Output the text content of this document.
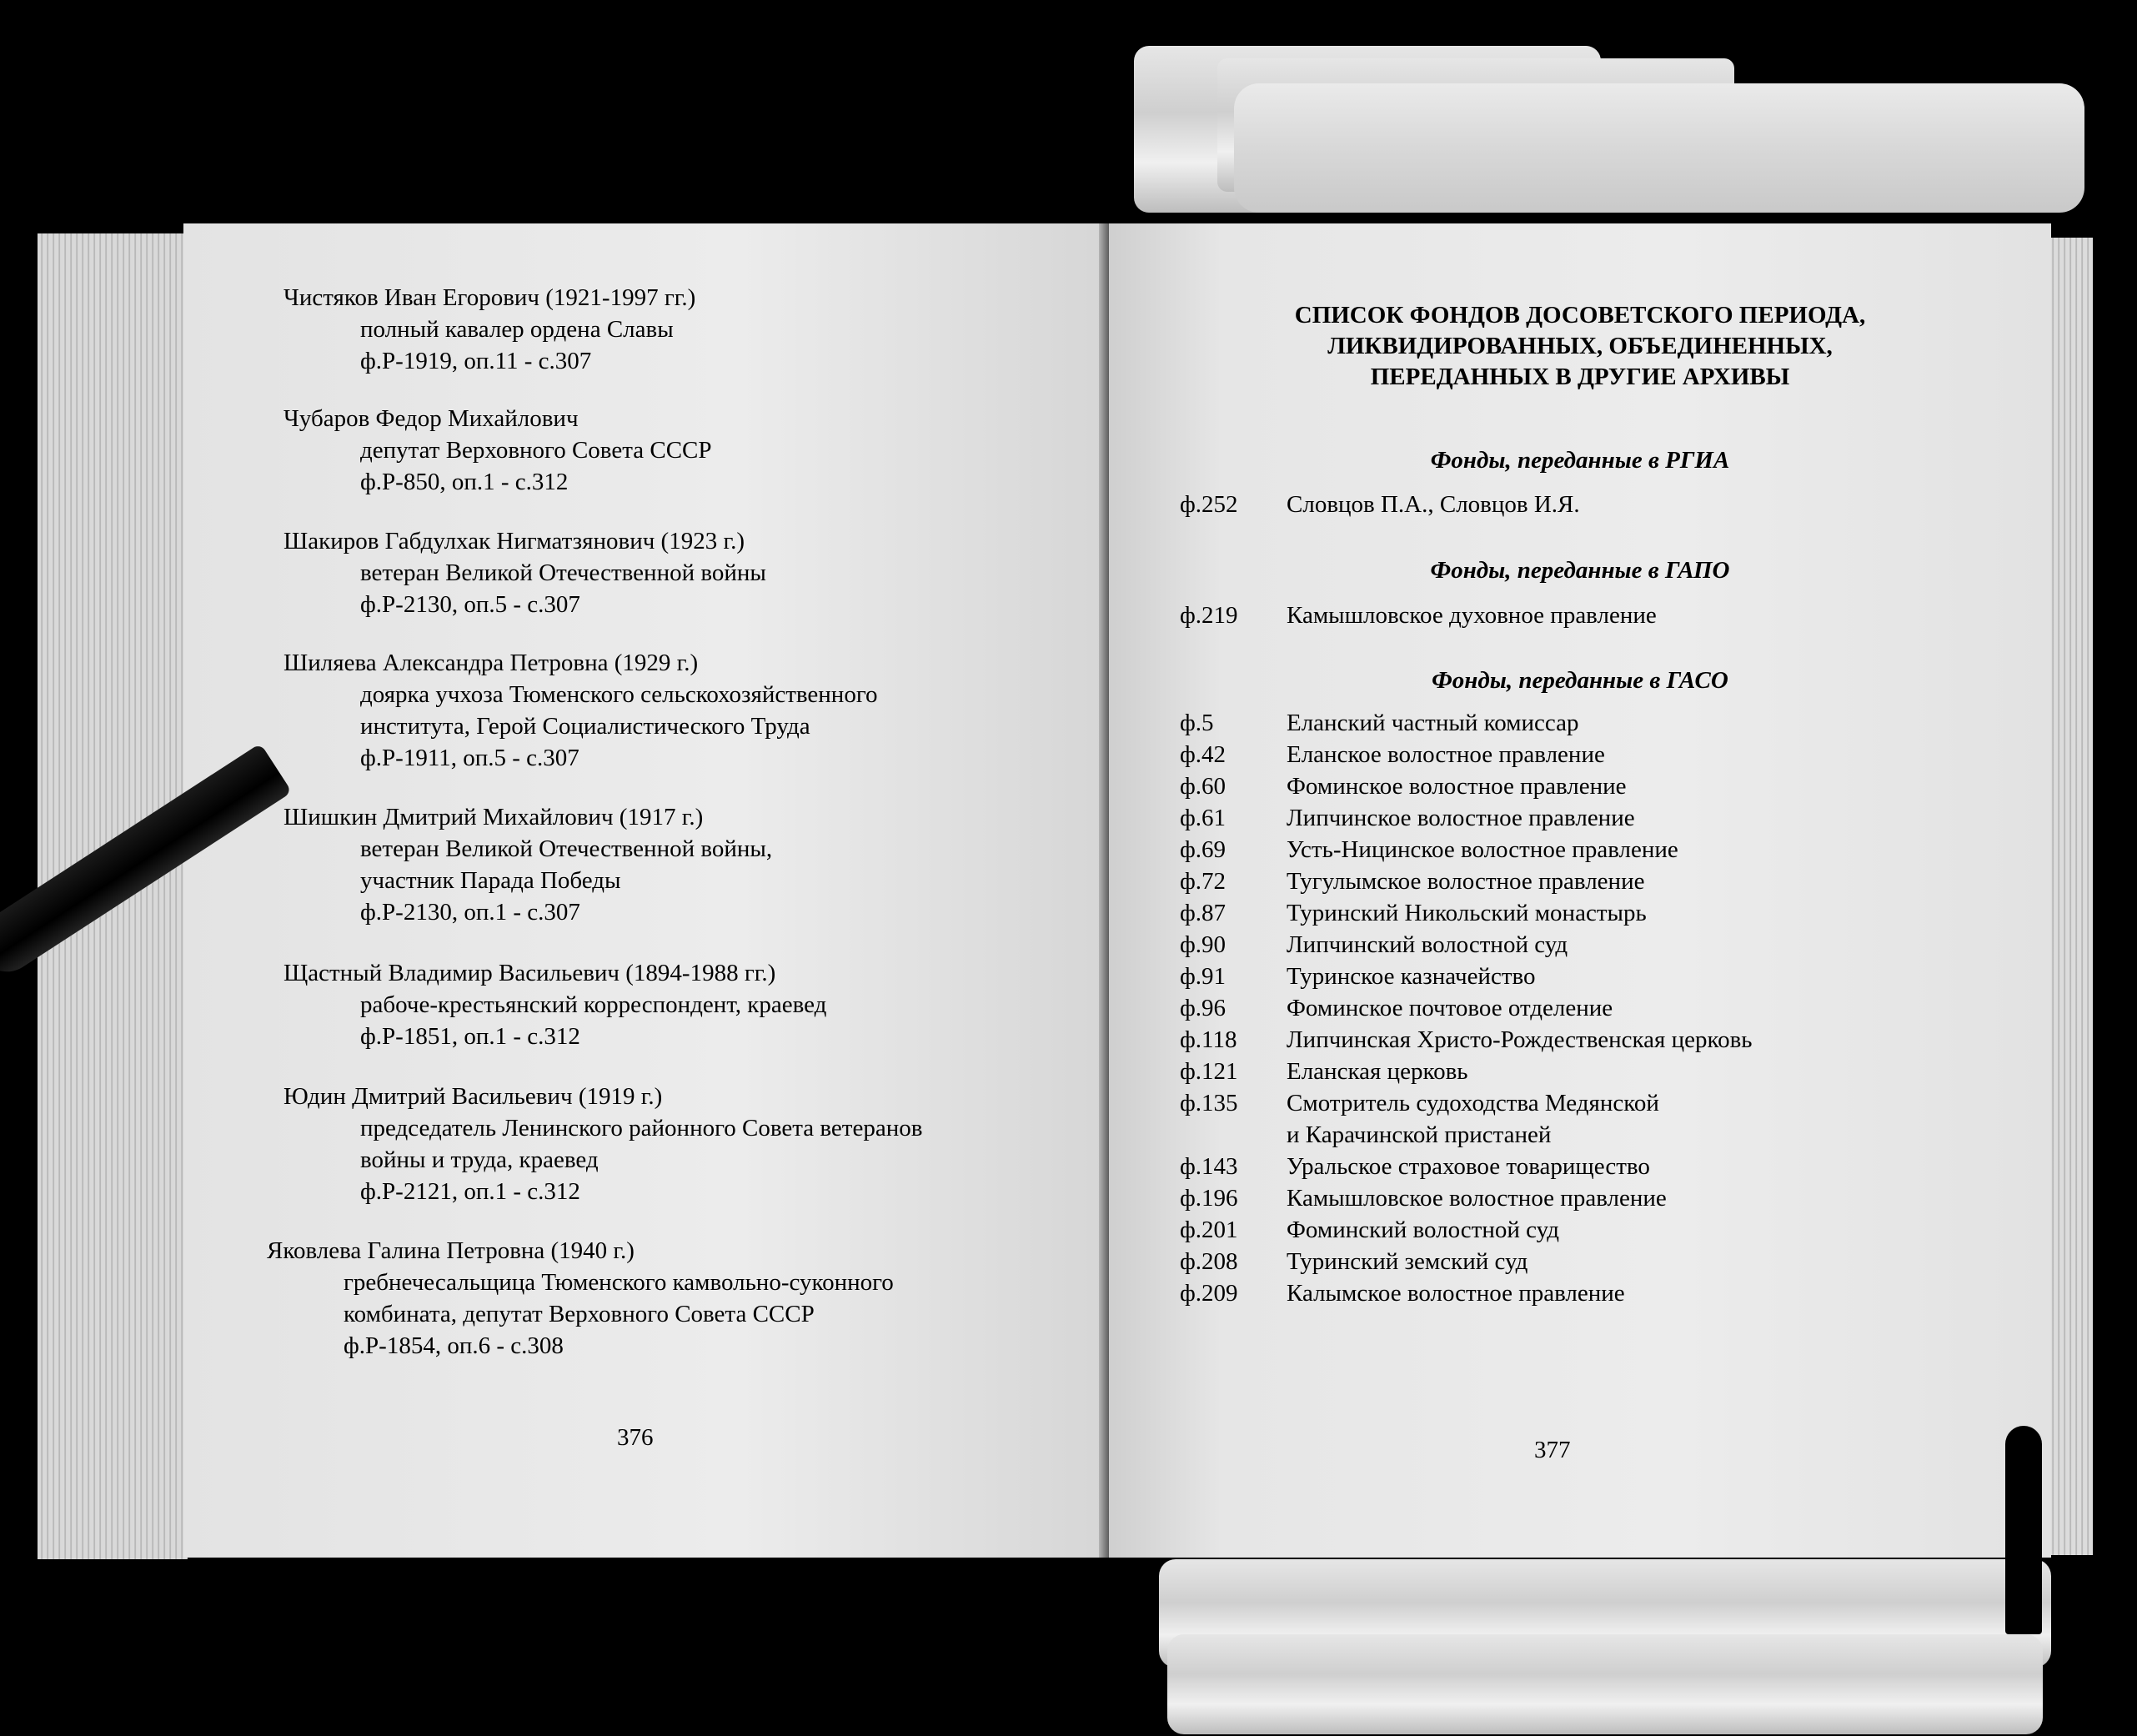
Чистяков Иван Егорович (1921-1997 гг.)
полный кавалер ордена Славы
ф.Р-1919, оп.11 - с.307
Чубаров Федор Михайлович
депутат Верховного Совета СССР
ф.Р-850, оп.1 - с.312
Шакиров Габдулхак Нигматзянович (1923 г.)
ветеран Великой Отечественной войны
ф.Р-2130, оп.5 - с.307
Шиляева Александра Петровна (1929 г.)
доярка учхоза Тюменского сельскохозяйственного
института, Герой Социалистического Труда
ф.Р-1911, оп.5 - с.307
Шишкин Дмитрий Михайлович (1917 г.)
ветеран Великой Отечественной войны,
участник Парада Победы
ф.Р-2130, оп.1 - с.307
Щастный Владимир Васильевич (1894-1988 гг.)
рабоче-крестьянский корреспондент, краевед
ф.Р-1851, оп.1 - с.312
Юдин Дмитрий Васильевич (1919 г.)
председатель Ленинского районного Совета ветеранов
войны и труда, краевед
ф.Р-2121, оп.1 - с.312
Яковлева Галина Петровна (1940 г.)
гребнечесальщица Тюменского камвольно-суконного
комбината, депутат Верховного Совета СССР
ф.Р-1854, оп.6 - с.308
376
СПИСОК ФОНДОВ ДОСОВЕТСКОГО ПЕРИОДА,
ЛИКВИДИРОВАННЫХ, ОБЪЕДИНЕННЫХ,
ПЕРЕДАННЫХ В ДРУГИЕ АРХИВЫ
Фонды, переданные в РГИА
ф.252 Словцов П.А., Словцов И.Я.
Фонды, переданные в ГАПО
ф.219 Камышловское духовное правление
Фонды, переданные в ГАСО
ф.5	Еланский частный комиссар
ф.42	Еланское волостное правление
ф.60	Фоминское волостное правление
ф.61	Липчинское волостное правление
ф.69	Усть-Ницинское волостное правление
ф.72	Тугулымское волостное правление
ф.87	Туринский Никольский монастырь
ф.90	Липчинский волостной суд
ф.91	Туринское казначейство
ф.96	Фоминское почтовое отделение
ф.118 Липчинская Христо-Рождественская церковь
ф.121 Еланская церковь
ф.135 Смотритель судоходства Медянской
и Карачинской пристаней
ф.143 Уральское страховое товарищество
ф.196 Камышловское волостное правление
ф.201 Фоминский волостной суд
ф.208 Туринский земский суд
ф.209 Калымское волостное правление
377
